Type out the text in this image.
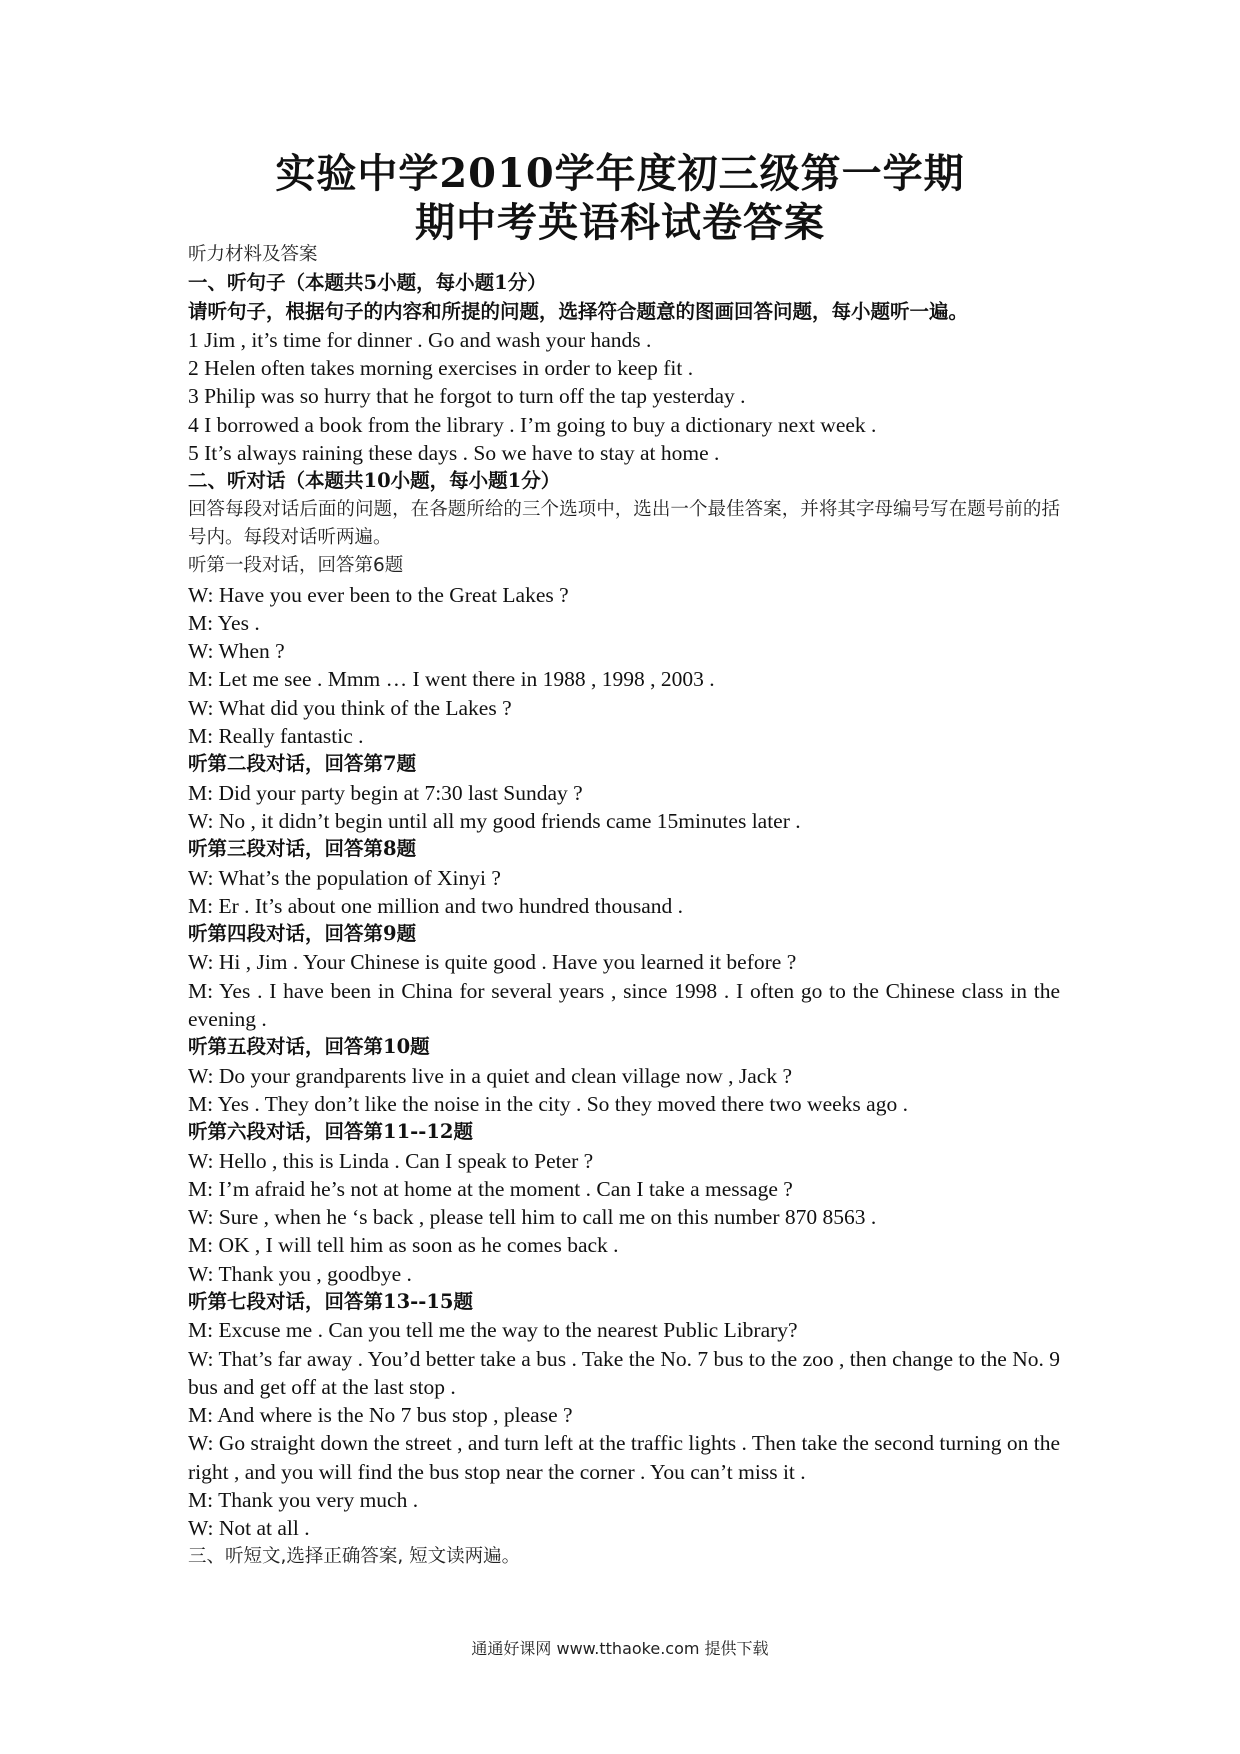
实验中学2010学年度初三级第一学期
期中考英语科试卷答案
听力材料及答案
一、听句子（本题共5小题，每小题1分）
请听句子，根据句子的内容和所提的问题，选择符合题意的图画回答问题，每小题听一遍。
1 Jim , it’s time for dinner . Go and wash your hands .
2 Helen often takes morning exercises in order to keep fit .
3 Philip was so hurry that he forgot to turn off the tap yesterday .
4 I borrowed a book from the library . I’m going to buy a dictionary next week .
5 It’s always raining these days . So we have to stay at home .
二、听对话（本题共10小题，每小题1分）
回答每段对话后面的问题，在各题所给的三个选项中，选出一个最佳答案，并将其字母编号写在题号前的括号内。每段对话听两遍。
听第一段对话，回答第6题
W: Have you ever been to the Great Lakes ?
M: Yes .
W: When ?
M: Let me see . Mmm … I went there in 1988 , 1998 , 2003 .
W: What did you think of the Lakes ?
M: Really fantastic .
听第二段对话，回答第7题
M: Did your party begin at 7:30 last Sunday ?
W: No , it didn’t begin until all my good friends came 15minutes later .
听第三段对话，回答第8题
W: What’s the population of Xinyi ?
M: Er . It’s about one million and two hundred thousand .
听第四段对话，回答第9题
W: Hi , Jim . Your Chinese is quite good . Have you learned it before ?
M: Yes . I have been in China for several years , since 1998 . I often go to the Chinese class in the evening .
听第五段对话，回答第10题
W: Do your grandparents live in a quiet and clean village now , Jack ?
M: Yes . They don’t like the noise in the city . So they moved there two weeks ago .
听第六段对话，回答第11--12题
W: Hello , this is Linda . Can I speak to Peter ?
M: I’m afraid he’s not at home at the moment . Can I take a message ?
W: Sure , when he ‘s back , please tell him to call me on this number 870 8563 .
M: OK , I will tell him as soon as he comes back .
W: Thank you , goodbye .
听第七段对话，回答第13--15题
M: Excuse me . Can you tell me the way to the nearest Public Library?
W: That’s far away . You’d better take a bus . Take the No. 7 bus to the zoo , then change to the No. 9 bus and get off at the last stop .
M: And where is the No 7 bus stop , please ?
W: Go straight down the street , and turn left at the traffic lights . Then take the second turning on the right , and you will find the bus stop near the corner . You can’t miss it .
M: Thank you very much .
W: Not at all .
三、听短文,选择正确答案, 短文读两遍。
通通好课网 www.tthaoke.com 提供下载
